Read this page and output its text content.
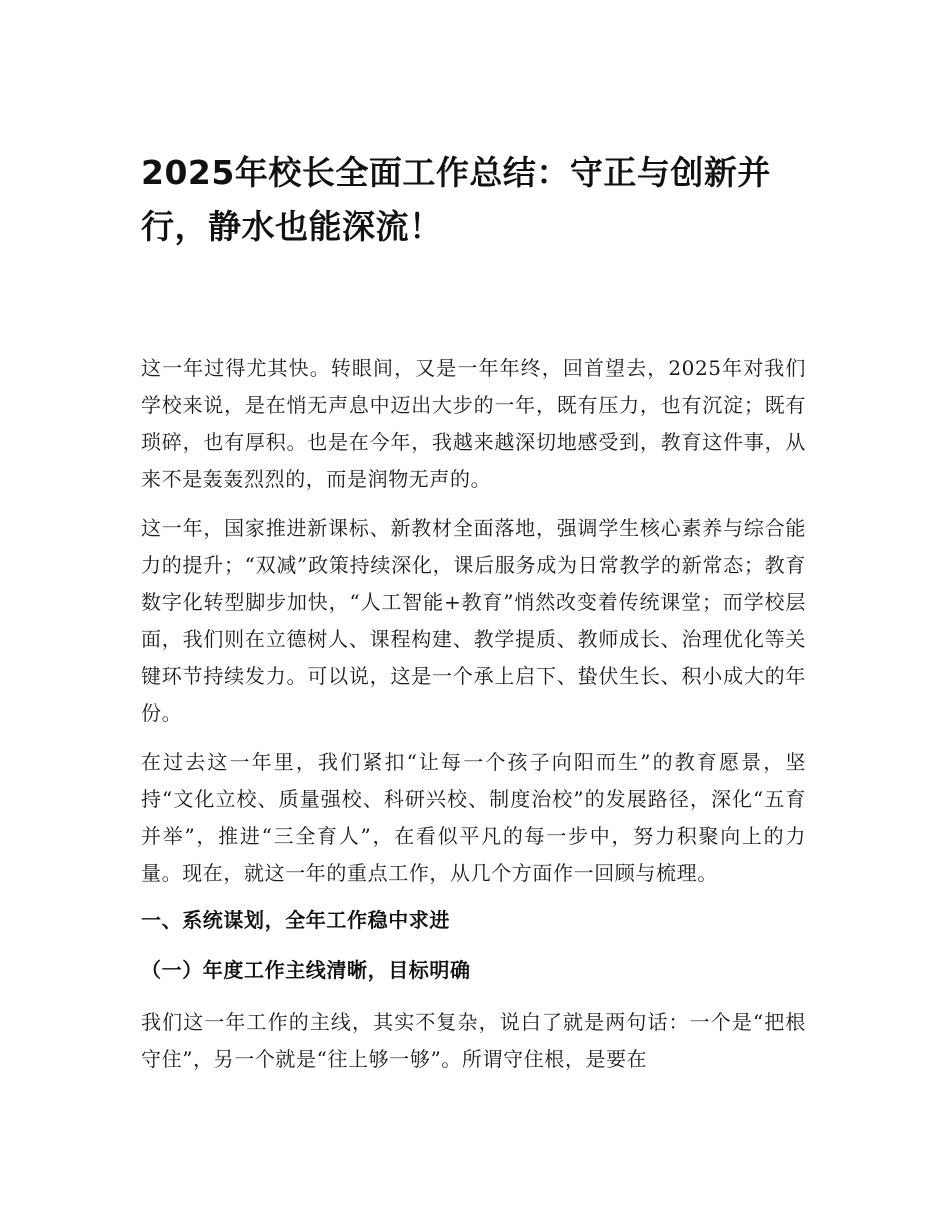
2025年校长全面工作总结：守正与创新并行，静水也能深流！

这一年过得尤其快。转眼间，又是一年年终，回首望去，2025年对我们学校来说，是在悄无声息中迈出大步的一年，既有压力，也有沉淀；既有琐碎，也有厚积。也是在今年，我越来越深切地感受到，教育这件事，从来不是轰轰烈烈的，而是润物无声的。

这一年，国家推进新课标、新教材全面落地，强调学生核心素养与综合能力的提升；“双减”政策持续深化，课后服务成为日常教学的新常态；教育数字化转型脚步加快，“人工智能+教育”悄然改变着传统课堂；而学校层面，我们则在立德树人、课程构建、教学提质、教师成长、治理优化等关键环节持续发力。可以说，这是一个承上启下、蛰伏生长、积小成大的年份。

在过去这一年里，我们紧扣“让每一个孩子向阳而生”的教育愿景，坚持“文化立校、质量强校、科研兴校、制度治校”的发展路径，深化“五育并举”，推进“三全育人”，在看似平凡的每一步中，努力积聚向上的力量。现在，就这一年的重点工作，从几个方面作一回顾与梳理。

一、系统谋划，全年工作稳中求进
（一）年度工作主线清晰，目标明确

我们这一年工作的主线，其实不复杂，说白了就是两句话：一个是“把根守住”，另一个就是“往上够一够”。所谓守住根，是要在
